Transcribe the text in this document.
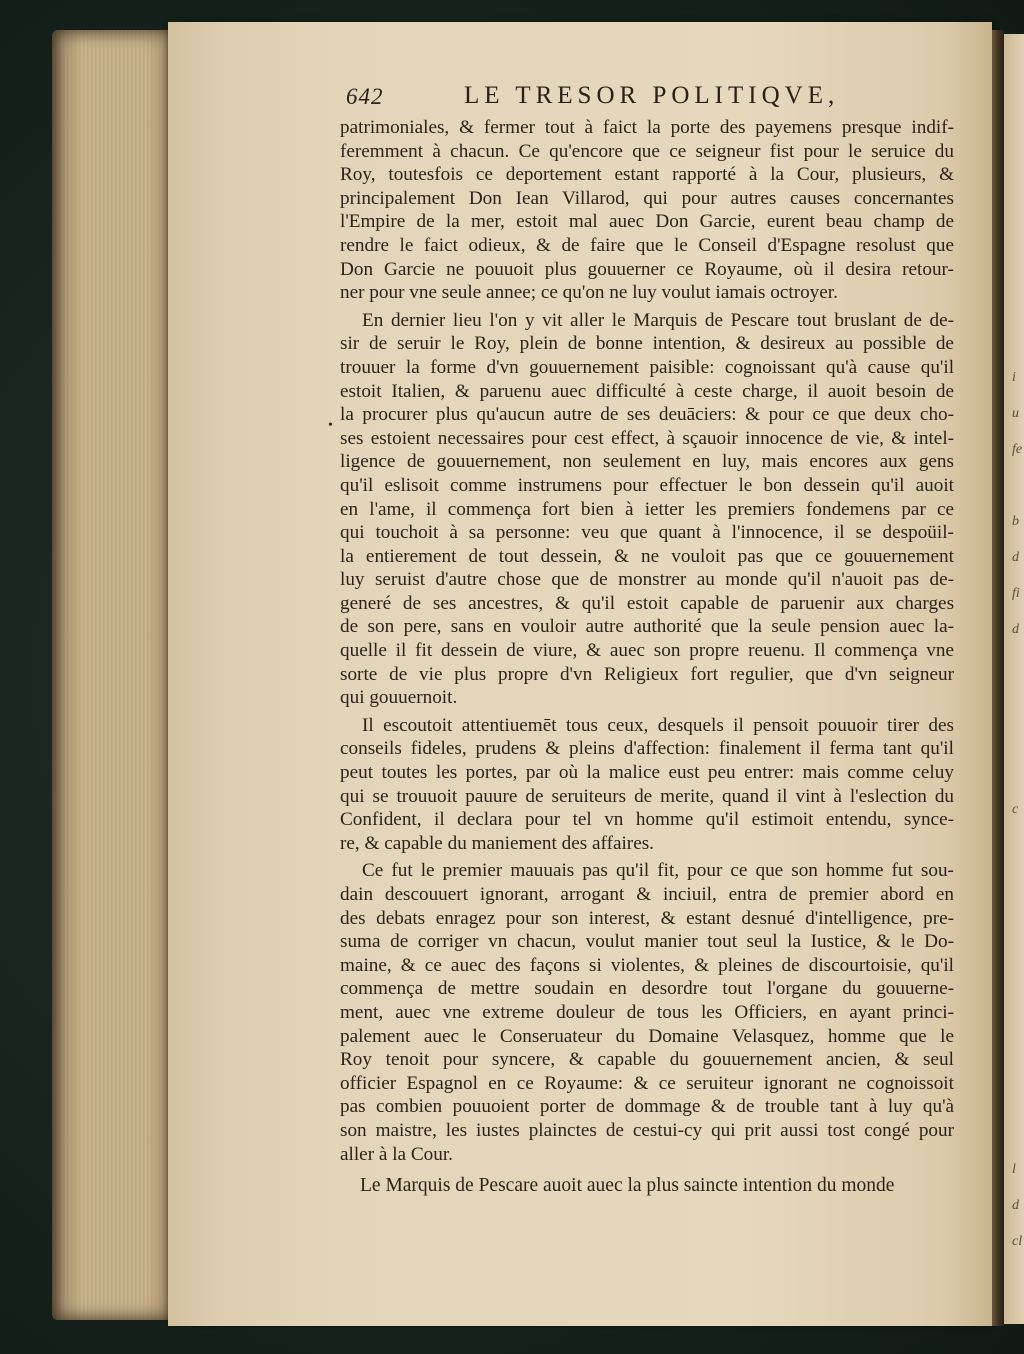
i
u
fe
b
d
fi
d
c
l
d
cl
642	LE TRESOR POLITIQVE,
•
patrimoniales, & fermer tout à faict la porte des payemens presque indif-
feremment à chacun. Ce qu'encore que ce seigneur fist pour le seruice du
Roy, toutesfois ce deportement estant rapporté à la Cour, plusieurs, &
principalement Don Iean Villarod, qui pour autres causes concernantes
l'Empire de la mer, estoit mal auec Don Garcie, eurent beau champ de
rendre le faict odieux, & de faire que le Conseil d'Espagne resolust que
Don Garcie ne pouuoit plus gouuerner ce Royaume, où il desira retour-
ner pour vne seule annee; ce qu'on ne luy voulut iamais octroyer.
En dernier lieu l'on y vit aller le Marquis de Pescare tout bruslant de de-
sir de seruir le Roy, plein de bonne intention, & desireux au possible de
trouuer la forme d'vn gouuernement paisible: cognoissant qu'à cause qu'il
estoit Italien, & paruenu auec difficulté à ceste charge, il auoit besoin de
la procurer plus qu'aucun autre de ses deuāciers: & pour ce que deux cho-
ses estoient necessaires pour cest effect, à sçauoir innocence de vie, & intel-
ligence de gouuernement, non seulement en luy, mais encores aux gens
qu'il eslisoit comme instrumens pour effectuer le bon dessein qu'il auoit
en l'ame, il commença fort bien à ietter les premiers fondemens par ce
qui touchoit à sa personne: veu que quant à l'innocence, il se despoüil-
la entierement de tout dessein, & ne vouloit pas que ce gouuernement
luy seruist d'autre chose que de monstrer au monde qu'il n'auoit pas de-
generé de ses ancestres, & qu'il estoit capable de paruenir aux charges
de son pere, sans en vouloir autre authorité que la seule pension auec la-
quelle il fit dessein de viure, & auec son propre reuenu. Il commença vne
sorte de vie plus propre d'vn Religieux fort regulier, que d'vn seigneur
qui gouuernoit.
Il escoutoit attentiuemēt tous ceux, desquels il pensoit pouuoir tirer des
conseils fideles, prudens & pleins d'affection: finalement il ferma tant qu'il
peut toutes les portes, par où la malice eust peu entrer: mais comme celuy
qui se trouuoit pauure de seruiteurs de merite, quand il vint à l'eslection du
Confident, il declara pour tel vn homme qu'il estimoit entendu, synce-
re, & capable du maniement des affaires.
Ce fut le premier mauuais pas qu'il fit, pour ce que son homme fut sou-
dain descouuert ignorant, arrogant & inciuil, entra de premier abord en
des debats enragez pour son interest, & estant desnué d'intelligence, pre-
suma de corriger vn chacun, voulut manier tout seul la Iustice, & le Do-
maine, & ce auec des façons si violentes, & pleines de discourtoisie, qu'il
commença de mettre soudain en desordre tout l'organe du gouuerne-
ment, auec vne extreme douleur de tous les Officiers, en ayant princi-
palement auec le Conseruateur du Domaine Velasquez, homme que le
Roy tenoit pour syncere, & capable du gouuernement ancien, & seul
officier Espagnol en ce Royaume: & ce seruiteur ignorant ne cognoissoit
pas combien pouuoient porter de dommage & de trouble tant à luy qu'à
son maistre, les iustes plainctes de cestui-cy qui prit aussi tost congé pour
aller à la Cour.
Le Marquis de Pescare auoit auec la plus saincte intention du monde
